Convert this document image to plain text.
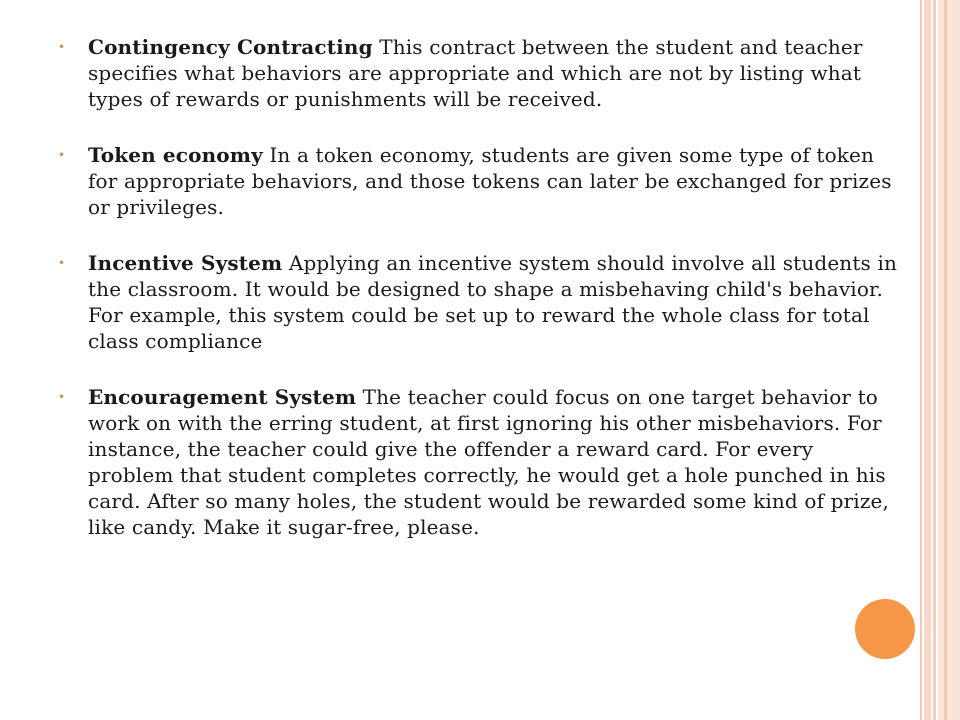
• Contingency Contracting This contract between the student and teacher specifies what behaviors are appropriate and which are not by listing what types of rewards or punishments will be received.
• Token economy In a token economy, students are given some type of token for appropriate behaviors, and those tokens can later be exchanged for prizes or privileges.
• Incentive System Applying an incentive system should involve all students in the classroom. It would be designed to shape a misbehaving child's behavior. For example, this system could be set up to reward the whole class for total class compliance
• Encouragement System The teacher could focus on one target behavior to work on with the erring student, at first ignoring his other misbehaviors. For instance, the teacher could give the offender a reward card. For every problem that student completes correctly, he would get a hole punched in his card. After so many holes, the student would be rewarded some kind of prize, like candy. Make it sugar-free, please.
